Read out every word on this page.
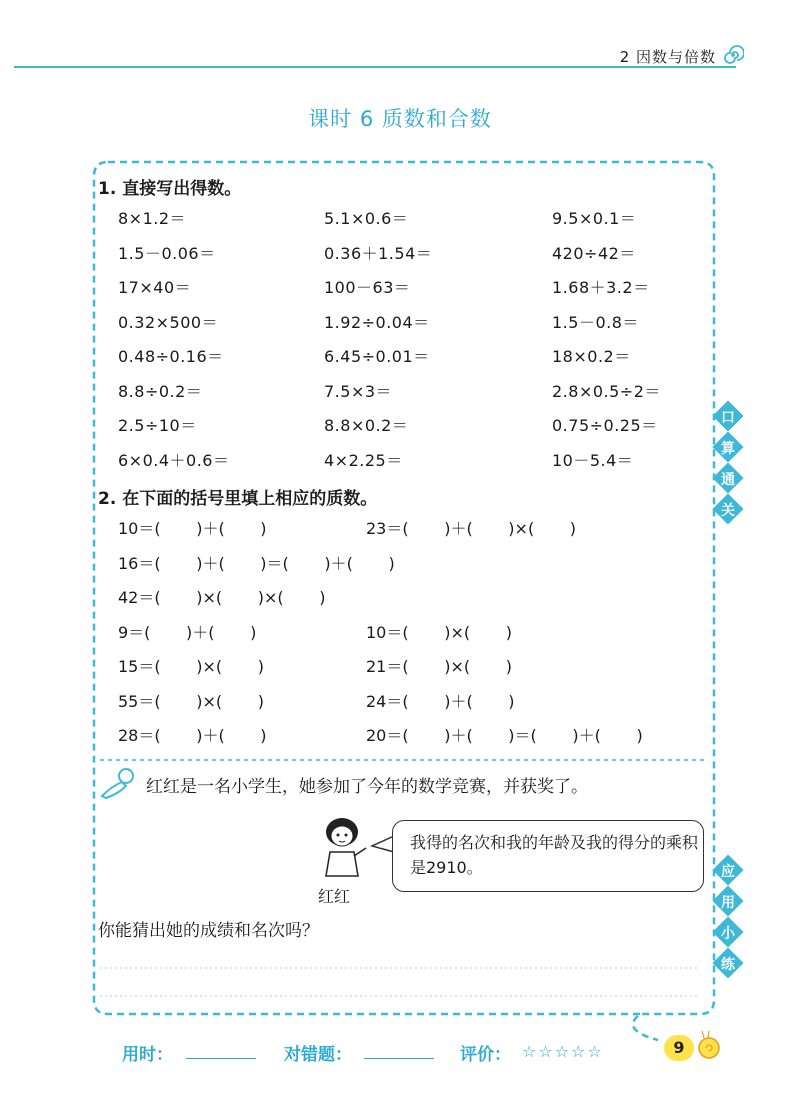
2 因数与倍数
课时 6 质数和合数
1. 直接写出得数。
8×1.2＝	5.1×0.6＝	9.5×0.1＝
1.5－0.06＝	0.36＋1.54＝	420÷42＝
17×40＝	100－63＝	1.68＋3.2＝
0.32×500＝	1.92÷0.04＝	1.5－0.8＝
0.48÷0.16＝	6.45÷0.01＝	18×0.2＝
8.8÷0.2＝	7.5×3＝	2.8×0.5÷2＝
2.5÷10＝	8.8×0.2＝	0.75÷0.25＝
6×0.4＋0.6＝	4×2.25＝	10－5.4＝
2. 在下面的括号里填上相应的质数。
10＝(       )＋(       )	23＝(       )＋(       )×(       )
16＝(       )＋(       )＝(       )＋(       )
42＝(       )×(       )×(       )
9＝(       )＋(       )	10＝(       )×(       )
15＝(       )×(       )	21＝(       )×(       )
55＝(       )×(       )	24＝(       )＋(       )
28＝(       )＋(       )	20＝(       )＋(       )＝(       )＋(       )
口
算
通
关
应
用
小
练
红红是一名小学生，她参加了今年的数学竞赛，并获奖了。
红红
我得的名次和我的年龄及我的得分的乘积是2910。
你能猜出她的成绩和名次吗？
用时：	对错题：	评价： ☆☆☆☆☆	9
